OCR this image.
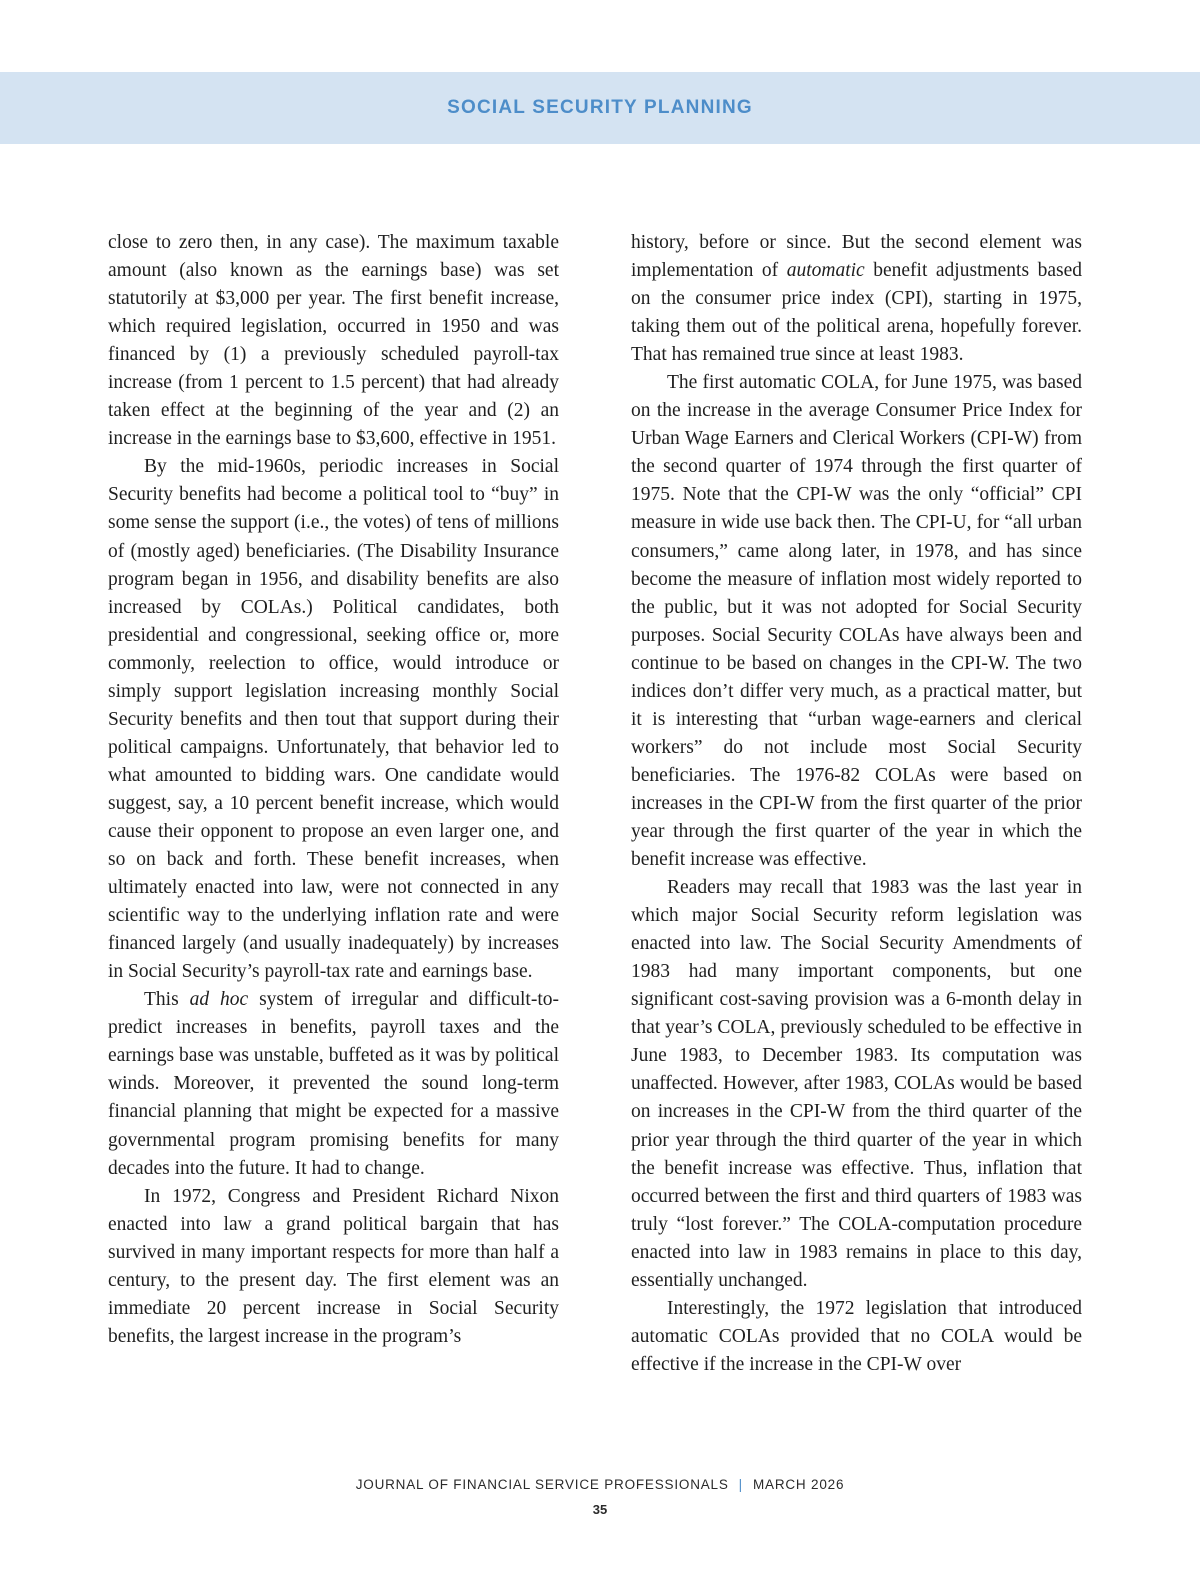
SOCIAL SECURITY PLANNING

close to zero then, in any case). The maximum taxable amount (also known as the earnings base) was set statutorily at $3,000 per year. The first benefit increase, which required legislation, occurred in 1950 and was financed by (1) a previously scheduled payroll-tax increase (from 1 percent to 1.5 percent) that had already taken effect at the beginning of the year and (2) an increase in the earnings base to $3,600, effective in 1951.

By the mid-1960s, periodic increases in Social Security benefits had become a political tool to “buy” in some sense the support (i.e., the votes) of tens of millions of (mostly aged) beneficiaries. (The Disability Insurance program began in 1956, and disability benefits are also increased by COLAs.) Political candidates, both presidential and congressional, seeking office or, more commonly, reelection to office, would introduce or simply support legislation increasing monthly Social Security benefits and then tout that support during their political campaigns. Unfortunately, that behavior led to what amounted to bidding wars. One candidate would suggest, say, a 10 percent benefit increase, which would cause their opponent to propose an even larger one, and so on back and forth. These benefit increases, when ultimately enacted into law, were not connected in any scientific way to the underlying inflation rate and were financed largely (and usually inadequately) by increases in Social Security’s payroll-tax rate and earnings base.

This ad hoc system of irregular and difficult-to-predict increases in benefits, payroll taxes and the earnings base was unstable, buffeted as it was by political winds. Moreover, it prevented the sound long-term financial planning that might be expected for a massive governmental program promising benefits for many decades into the future. It had to change.

In 1972, Congress and President Richard Nixon enacted into law a grand political bargain that has survived in many important respects for more than half a century, to the present day. The first element was an immediate 20 percent increase in Social Security benefits, the largest increase in the program’s

history, before or since. But the second element was implementation of automatic benefit adjustments based on the consumer price index (CPI), starting in 1975, taking them out of the political arena, hopefully forever. That has remained true since at least 1983.

The first automatic COLA, for June 1975, was based on the increase in the average Consumer Price Index for Urban Wage Earners and Clerical Workers (CPI-W) from the second quarter of 1974 through the first quarter of 1975. Note that the CPI-W was the only “official” CPI measure in wide use back then. The CPI-U, for “all urban consumers,” came along later, in 1978, and has since become the measure of inflation most widely reported to the public, but it was not adopted for Social Security purposes. Social Security COLAs have always been and continue to be based on changes in the CPI-W. The two indices don’t differ very much, as a practical matter, but it is interesting that “urban wage-earners and clerical workers” do not include most Social Security beneficiaries. The 1976-82 COLAs were based on increases in the CPI-W from the first quarter of the prior year through the first quarter of the year in which the benefit increase was effective.

Readers may recall that 1983 was the last year in which major Social Security reform legislation was enacted into law. The Social Security Amendments of 1983 had many important components, but one significant cost-saving provision was a 6-month delay in that year’s COLA, previously scheduled to be effective in June 1983, to December 1983. Its computation was unaffected. However, after 1983, COLAs would be based on increases in the CPI-W from the third quarter of the prior year through the third quarter of the year in which the benefit increase was effective. Thus, inflation that occurred between the first and third quarters of 1983 was truly “lost forever.” The COLA-computation procedure enacted into law in 1983 remains in place to this day, essentially unchanged.

Interestingly, the 1972 legislation that introduced automatic COLAs provided that no COLA would be effective if the increase in the CPI-W over

JOURNAL OF FINANCIAL SERVICE PROFESSIONALS | MARCH 2026
35
